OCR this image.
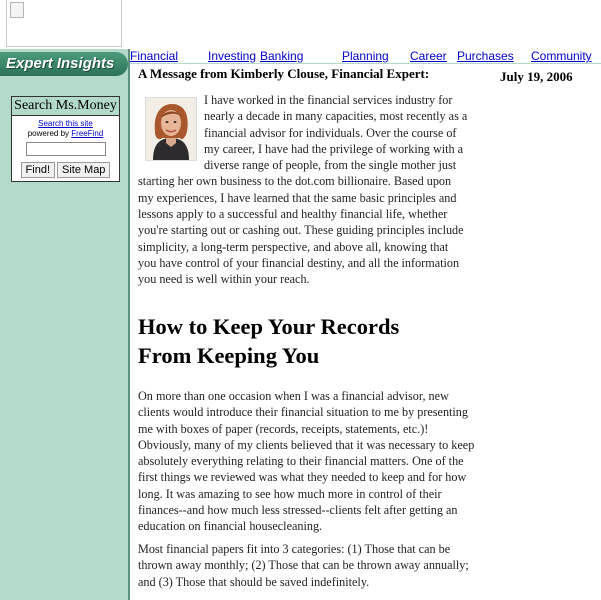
Expert Insights
Search Ms.Money
Search this site
powered by FreeFind
Find! Site Map
Financial Investing Banking	Planning Career Purchases Community
A Message from Kimberly Clouse, Financial Expert:	July 19, 2006
I have worked in the financial services industry for nearly a decade in many capacities, most recently as a financial advisor for individuals. Over the course of my career, I have had the privilege of working with a diverse range of people, from the single mother just starting her own business to the dot.com billionaire. Based upon my experiences, I have learned that the same basic principles and lessons apply to a successful and healthy financial life, whether you're starting out or cashing out. These guiding principles include simplicity, a long-term perspective, and above all, knowing that you have control of your financial destiny, and all the information you need is well within your reach.
How to Keep Your Records From Keeping You

On more than one occasion when I was a financial advisor, new clients would introduce their financial situation to me by presenting me with boxes of paper (records, receipts, statements, etc.)! Obviously, many of my clients believed that it was necessary to keep absolutely everything relating to their financial matters. One of the first things we reviewed was what they needed to keep and for how long. It was amazing to see how much more in control of their finances--and how much less stressed--clients felt after getting an education on financial housecleaning.

Most financial papers fit into 3 categories: (1) Those that can be thrown away monthly; (2) Those that can be thrown away annually; and (3) Those that should be saved indefinitely.
